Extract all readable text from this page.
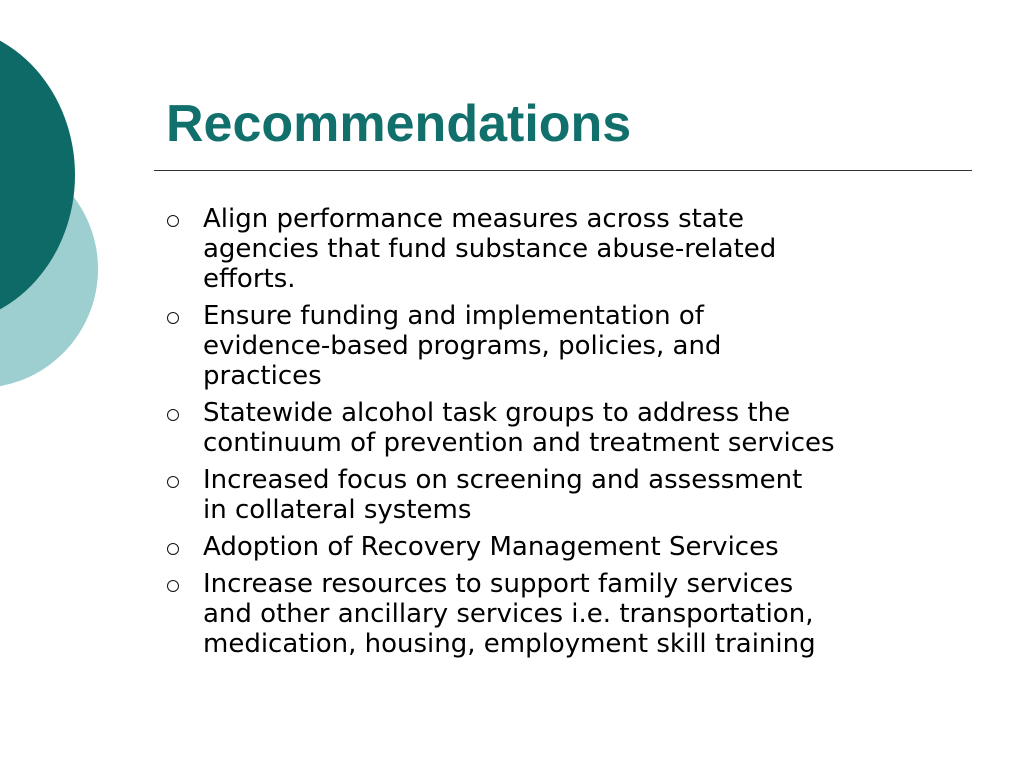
Recommendations
Align performance measures across state
agencies that fund substance abuse-related
efforts.
Ensure funding and implementation of
evidence-based programs, policies, and
practices
Statewide alcohol task groups to address the
continuum of prevention and treatment services
Increased focus on screening and assessment
in collateral systems
Adoption of Recovery Management Services
Increase resources to support family services
and other ancillary services i.e. transportation,
medication, housing, employment skill training
